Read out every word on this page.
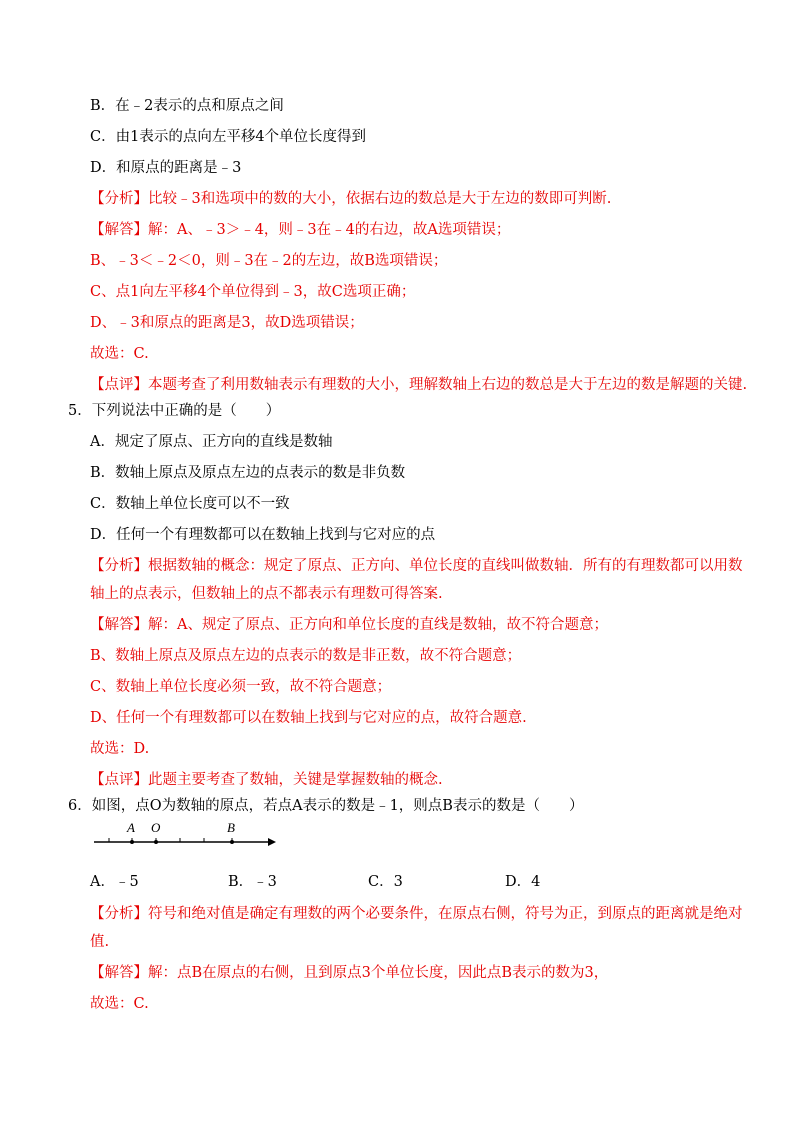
B．在﹣2表示的点和原点之间
C．由1表示的点向左平移4个单位长度得到
D．和原点的距离是﹣3
【分析】比较﹣3和选项中的数的大小，依据右边的数总是大于左边的数即可判断.
【解答】解：A、﹣3＞﹣4，则﹣3在﹣4的右边，故A选项错误；
B、﹣3＜﹣2＜0，则﹣3在﹣2的左边，故B选项错误；
C、点1向左平移4个单位得到﹣3，故C选项正确；
D、﹣3和原点的距离是3，故D选项错误；
故选：C.
【点评】本题考查了利用数轴表示有理数的大小，理解数轴上右边的数总是大于左边的数是解题的关键.
5．下列说法中正确的是（　　）
A．规定了原点、正方向的直线是数轴
B．数轴上原点及原点左边的点表示的数是非负数
C．数轴上单位长度可以不一致
D．任何一个有理数都可以在数轴上找到与它对应的点
【分析】根据数轴的概念：规定了原点、正方向、单位长度的直线叫做数轴．所有的有理数都可以用数
轴上的点表示，但数轴上的点不都表示有理数可得答案.
【解答】解：A、规定了原点、正方向和单位长度的直线是数轴，故不符合题意；
B、数轴上原点及原点左边的点表示的数是非正数，故不符合题意；
C、数轴上单位长度必须一致，故不符合题意；
D、任何一个有理数都可以在数轴上找到与它对应的点，故符合题意.
故选：D.
【点评】此题主要考查了数轴，关键是掌握数轴的概念.
6．如图，点O为数轴的原点，若点A表示的数是﹣1，则点B表示的数是（　　）
A O	B
A．﹣5	B．﹣3	C．3	D．4
【分析】符号和绝对值是确定有理数的两个必要条件，在原点右侧，符号为正，到原点的距离就是绝对
值.
【解答】解：点B在原点的右侧，且到原点3个单位长度，因此点B表示的数为3，
故选：C.
